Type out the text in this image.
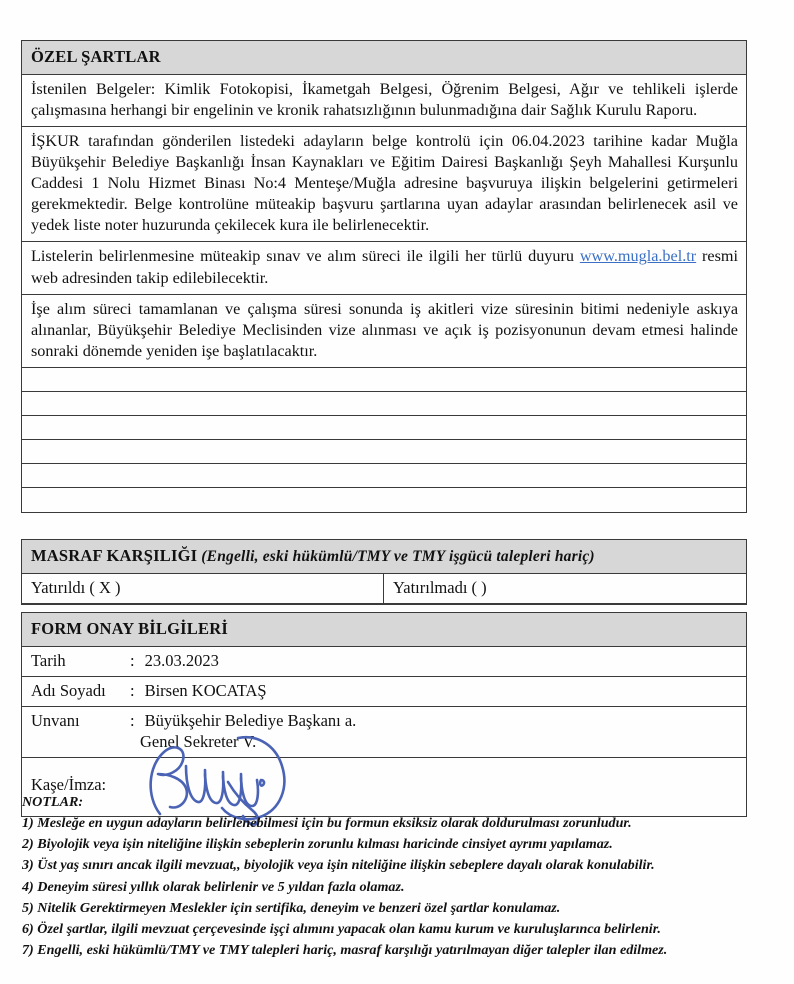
ÖZEL ŞARTLAR
İstenilen Belgeler: Kimlik Fotokopisi, İkametgah Belgesi, Öğrenim Belgesi, Ağır ve tehlikeli işlerde çalışmasına herhangi bir engelinin ve kronik rahatsızlığının bulunmadığına dair Sağlık Kurulu Raporu.
İŞKUR tarafından gönderilen listedeki adayların belge kontrolü için 06.04.2023 tarihine kadar Muğla Büyükşehir Belediye Başkanlığı İnsan Kaynakları ve Eğitim Dairesi Başkanlığı Şeyh Mahallesi Kurşunlu Caddesi 1 Nolu Hizmet Binası No:4 Menteşe/Muğla adresine başvuruya ilişkin belgelerini getirmeleri gerekmektedir. Belge kontrolüne müteakip başvuru şartlarına uyan adaylar arasından belirlenecek asil ve yedek liste noter huzurunda çekilecek kura ile belirlenecektir.
Listelerin belirlenmesine müteakip sınav ve alım süreci ile ilgili her türlü duyuru www.mugla.bel.tr resmi web adresinden takip edilebilecektir.
İşe alım süreci tamamlanan ve çalışma süresi sonunda iş akitleri vize süresinin bitimi nedeniyle askıya alınanlar, Büyükşehir Belediye Meclisinden vize alınması ve açık iş pozisyonunun devam etmesi halinde sonraki dönemde yeniden işe başlatılacaktır.
MASRAF KARŞILIĞI (Engelli, eski hükümlü/TMY ve TMY işgücü talepleri hariç)
Yatırıldı ( X )	Yatırılmadı ( )
FORM ONAY BİLGİLERİ
Tarih	: 23.03.2023
Adı Soyadı : Birsen KOCATAŞ
Unvanı	: Büyükşehir Belediye Başkanı a.
Genel Sekreter V.
Kaşe/İmza:
NOTLAR:
1) Mesleğe en uygun adayların belirlenebilmesi için bu formun eksiksiz olarak doldurulması zorunludur.
2) Biyolojik veya işin niteliğine ilişkin sebeplerin zorunlu kılması haricinde cinsiyet ayrımı yapılamaz.
3) Üst yaş sınırı ancak ilgili mevzuat,, biyolojik veya işin niteliğine ilişkin sebeplere dayalı olarak konulabilir.
4) Deneyim süresi yıllık olarak belirlenir ve 5 yıldan fazla olamaz.
5) Nitelik Gerektirmeyen Meslekler için sertifika, deneyim ve benzeri özel şartlar konulamaz.
6) Özel şartlar, ilgili mevzuat çerçevesinde işçi alımını yapacak olan kamu kurum ve kuruluşlarınca belirlenir.
7) Engelli, eski hükümlü/TMY ve TMY talepleri hariç, masraf karşılığı yatırılmayan diğer talepler ilan edilmez.
